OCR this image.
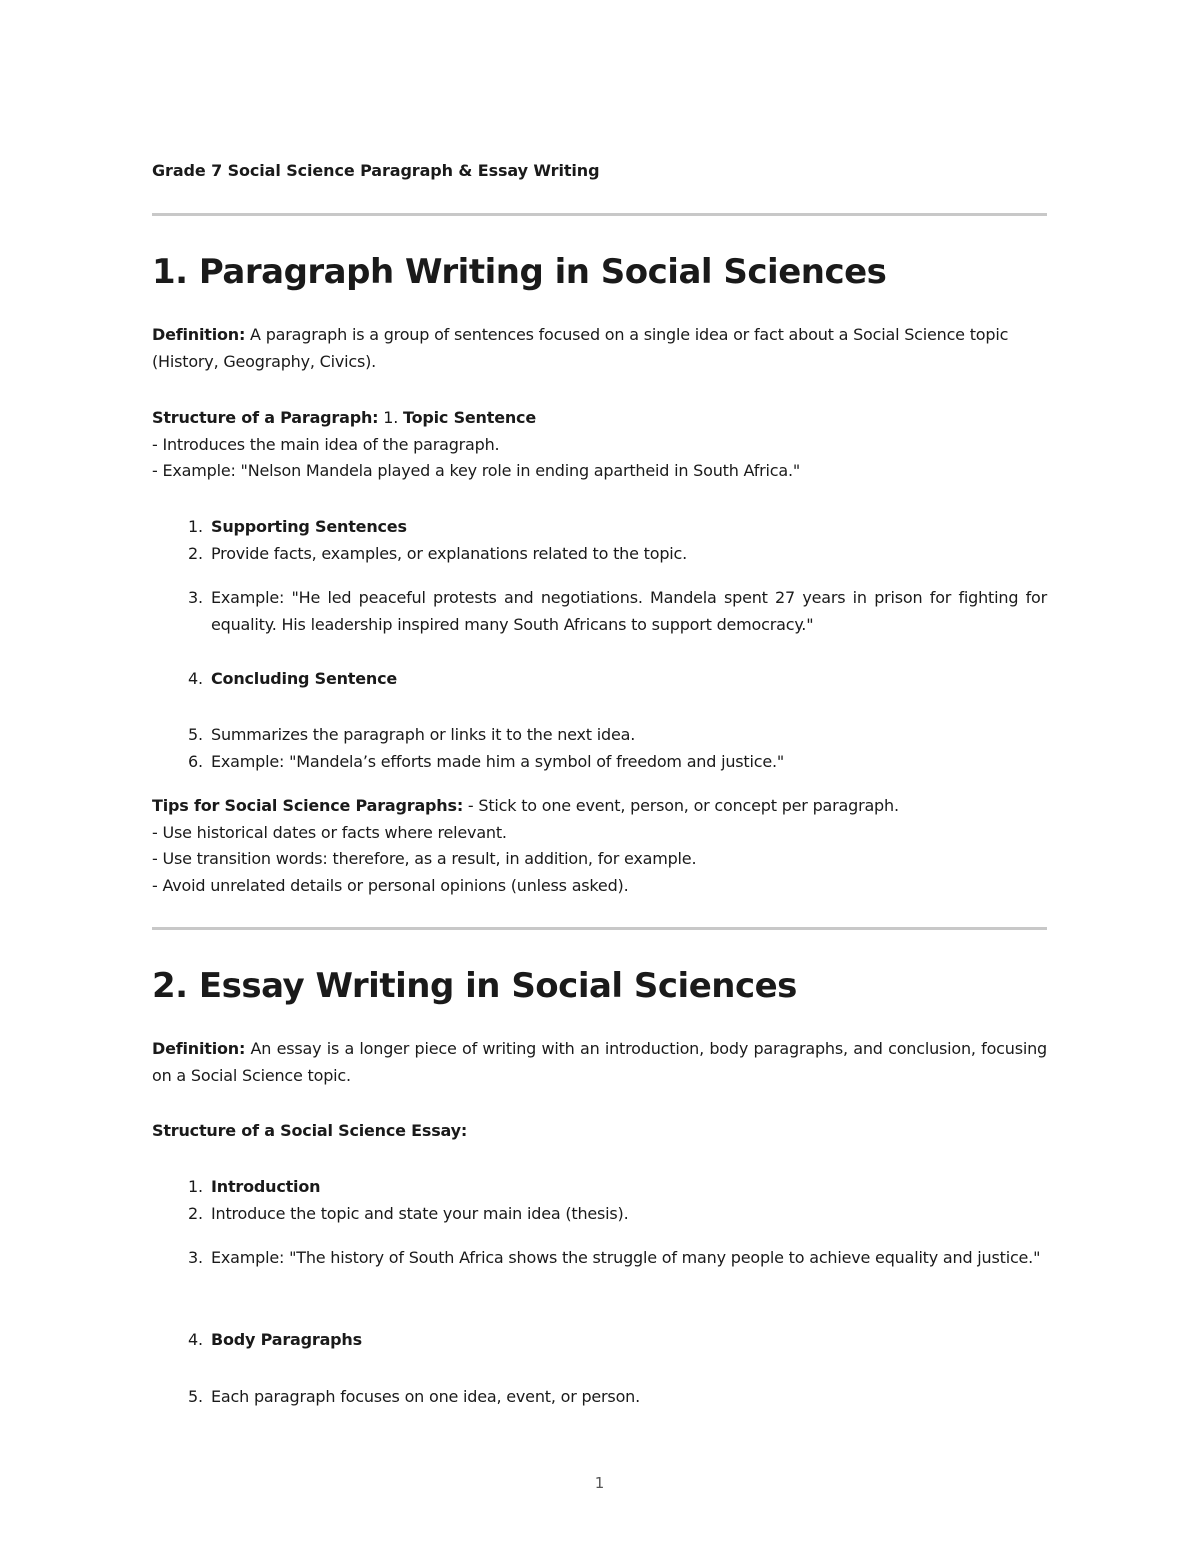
Grade 7 Social Science Paragraph & Essay Writing
1. Paragraph Writing in Social Sciences

Definition: A paragraph is a group of sentences focused on a single idea or fact about a Social Science topic (History, Geography, Civics).

Structure of a Paragraph: 1. Topic Sentence

- Introduces the main idea of the paragraph.

- Example: "Nelson Mandela played a key role in ending apartheid in South Africa."

1. Supporting Sentences
2. Provide facts, examples, or explanations related to the topic.
3. Example: "He led peaceful protests and negotiations. Mandela spent 27 years in prison for fighting for equality. His leadership inspired many South Africans to support democracy."
4. Concluding Sentence
5. Summarizes the paragraph or links it to the next idea.
6. Example: "Mandela’s efforts made him a symbol of freedom and justice."

Tips for Social Science Paragraphs: - Stick to one event, person, or concept per paragraph.

- Use historical dates or facts where relevant.

- Use transition words: therefore, as a result, in addition, for example.

- Avoid unrelated details or personal opinions (unless asked).

2. Essay Writing in Social Sciences

Definition: An essay is a longer piece of writing with an introduction, body paragraphs, and conclusion, focusing on a Social Science topic.

Structure of a Social Science Essay:

1. Introduction
2. Introduce the topic and state your main idea (thesis).
3. Example: "The history of South Africa shows the struggle of many people to achieve equality and justice."
4. Body Paragraphs
5. Each paragraph focuses on one idea, event, or person.
1
